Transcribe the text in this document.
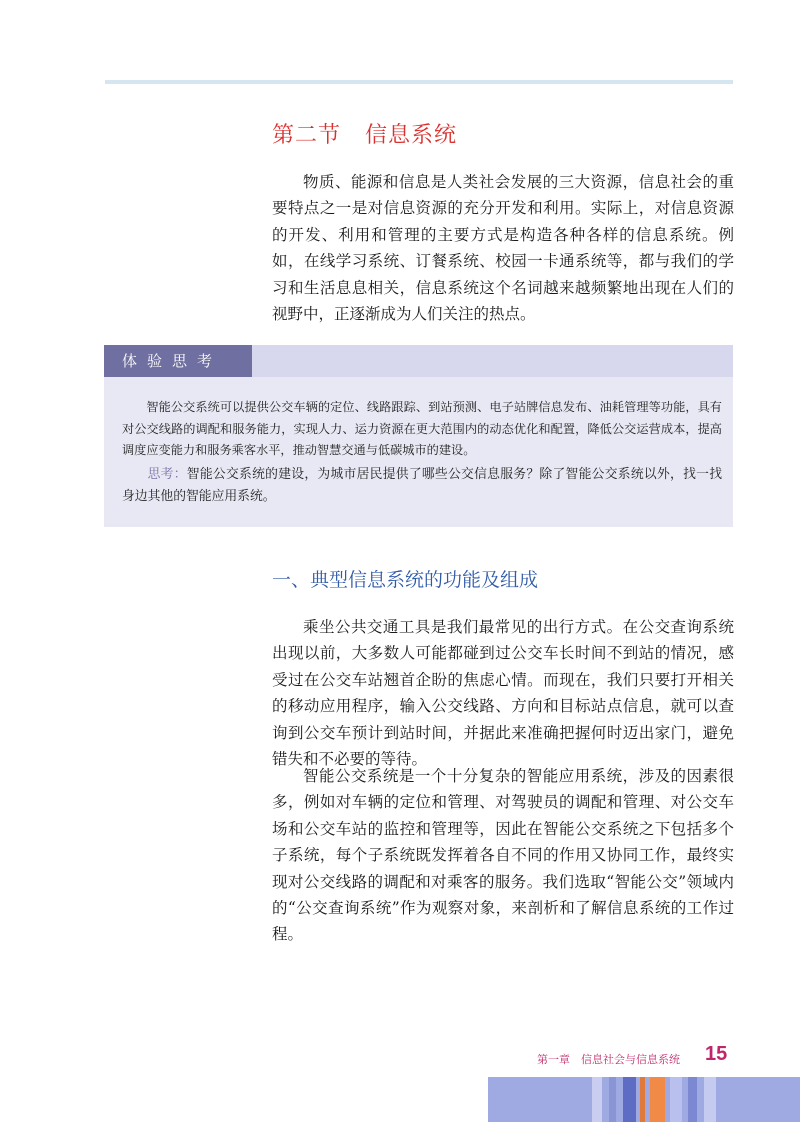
第二节 信息系统

物质、能源和信息是人类社会发展的三大资源，信息社会的重要特点之一是对信息资源的充分开发和利用。实际上，对信息资源的开发、利用和管理的主要方式是构造各种各样的信息系统。例如，在线学习系统、订餐系统、校园一卡通系统等，都与我们的学习和生活息息相关，信息系统这个名词越来越频繁地出现在人们的视野中，正逐渐成为人们关注的热点。

体验思考

智能公交系统可以提供公交车辆的定位、线路跟踪、到站预测、电子站牌信息发布、油耗管理等功能，具有对公交线路的调配和服务能力，实现人力、运力资源在更大范围内的动态优化和配置，降低公交运营成本，提高调度应变能力和服务乘客水平，推动智慧交通与低碳城市的建设。

思考：智能公交系统的建设，为城市居民提供了哪些公交信息服务？除了智能公交系统以外，找一找身边其他的智能应用系统。

一、典型信息系统的功能及组成

乘坐公共交通工具是我们最常见的出行方式。在公交查询系统出现以前，大多数人可能都碰到过公交车长时间不到站的情况，感受过在公交车站翘首企盼的焦虑心情。而现在，我们只要打开相关的移动应用程序，输入公交线路、方向和目标站点信息，就可以查询到公交车预计到站时间，并据此来准确把握何时迈出家门，避免错失和不必要的等待。

智能公交系统是一个十分复杂的智能应用系统，涉及的因素很多，例如对车辆的定位和管理、对驾驶员的调配和管理、对公交车场和公交车站的监控和管理等，因此在智能公交系统之下包括多个子系统，每个子系统既发挥着各自不同的作用又协同工作，最终实现对公交线路的调配和对乘客的服务。我们选取“智能公交”领域内的“公交查询系统”作为观察对象，来剖析和了解信息系统的工作过程。

第一章　信息社会与信息系统 15
